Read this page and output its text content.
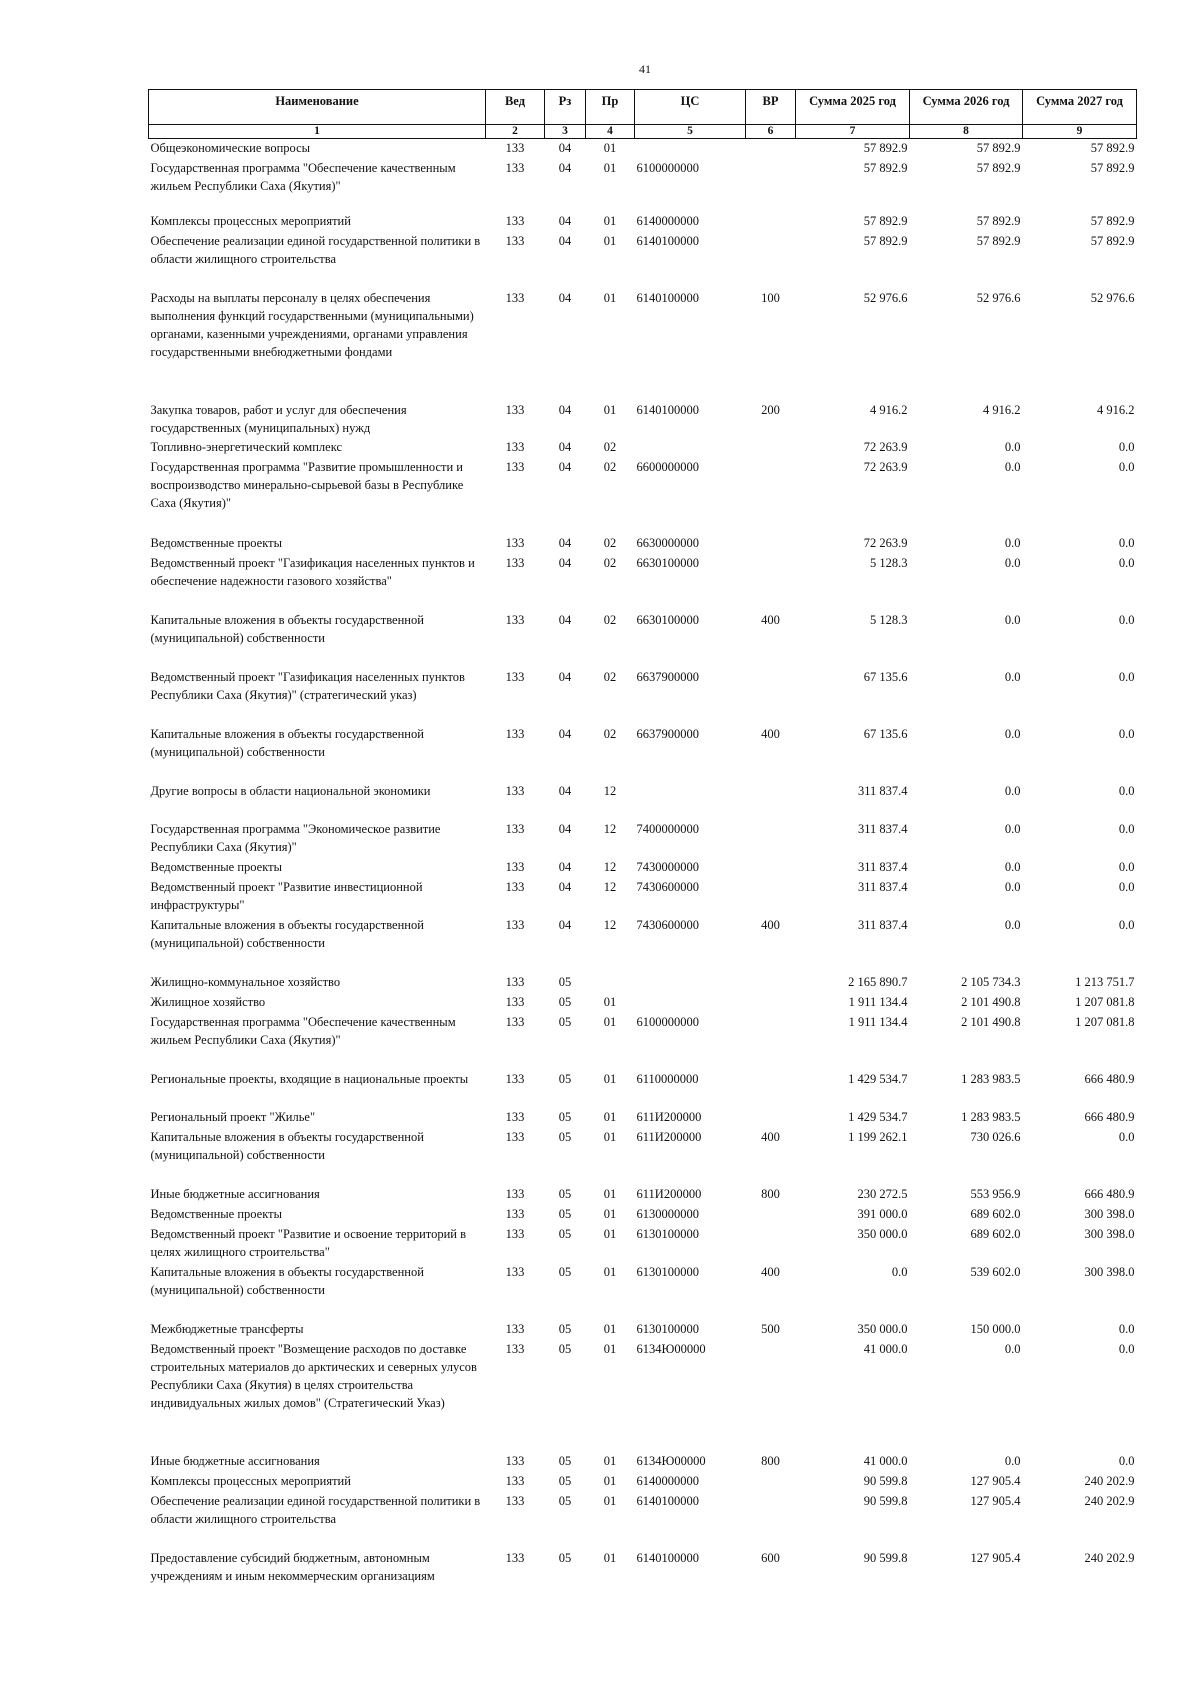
41
Наименование	Вед	Рз	Пр	ЦС	ВР	Сумма 2025 год	Сумма 2026 год	Сумма 2027 год
1	2	3	4	5	6	7	8	9
Общеэкономические вопросы	133	04	01			57 892.9	57 892.9	57 892.9
Государственная программа "Обеспечение качественным жильем Республики Саха (Якутия)"	133	04	01	6100000000		57 892.9	57 892.9	57 892.9
Комплексы процессных мероприятий	133	04	01	6140000000		57 892.9	57 892.9	57 892.9
Обеспечение реализации единой государственной политики в области жилищного строительства	133	04	01	6140100000		57 892.9	57 892.9	57 892.9
Расходы на выплаты персоналу в целях обеспечения выполнения функций государственными (муниципальными) органами, казенными учреждениями, органами управления государственными внебюджетными фондами	133	04	01	6140100000	100	52 976.6	52 976.6	52 976.6
Закупка товаров, работ и услуг для обеспечения государственных (муниципальных) нужд	133	04	01	6140100000	200	4 916.2	4 916.2	4 916.2
Топливно-энергетический комплекс	133	04	02			72 263.9	0.0	0.0
Государственная программа "Развитие промышленности и воспроизводство минерально-сырьевой базы в Республике Саха (Якутия)"	133	04	02	6600000000		72 263.9	0.0	0.0
Ведомственные проекты	133	04	02	6630000000		72 263.9	0.0	0.0
Ведомственный проект "Газификация населенных пунктов и обеспечение надежности газового хозяйства"	133	04	02	6630100000		5 128.3	0.0	0.0
Капитальные вложения в объекты государственной (муниципальной) собственности	133	04	02	6630100000	400	5 128.3	0.0	0.0
Ведомственный проект "Газификация населенных пунктов Республики Саха (Якутия)" (стратегический указ)	133	04	02	6637900000		67 135.6	0.0	0.0
Капитальные вложения в объекты государственной (муниципальной) собственности	133	04	02	6637900000	400	67 135.6	0.0	0.0
Другие вопросы в области национальной экономики	133	04	12			311 837.4	0.0	0.0
Государственная программа "Экономическое развитие Республики Саха (Якутия)"	133	04	12	7400000000		311 837.4	0.0	0.0
Ведомственные проекты	133	04	12	7430000000		311 837.4	0.0	0.0
Ведомственный проект "Развитие инвестиционной инфраструктуры"	133	04	12	7430600000		311 837.4	0.0	0.0
Капитальные вложения в объекты государственной (муниципальной) собственности	133	04	12	7430600000	400	311 837.4	0.0	0.0
Жилищно-коммунальное хозяйство	133	05				2 165 890.7	2 105 734.3	1 213 751.7
Жилищное хозяйство	133	05	01			1 911 134.4	2 101 490.8	1 207 081.8
Государственная программа "Обеспечение качественным жильем Республики Саха (Якутия)"	133	05	01	6100000000		1 911 134.4	2 101 490.8	1 207 081.8
Региональные проекты, входящие в национальные проекты	133	05	01	6110000000		1 429 534.7	1 283 983.5	666 480.9
Региональный проект "Жилье"	133	05	01	611И200000		1 429 534.7	1 283 983.5	666 480.9
Капитальные вложения в объекты государственной (муниципальной) собственности	133	05	01	611И200000	400	1 199 262.1	730 026.6	0.0
Иные бюджетные ассигнования	133	05	01	611И200000	800	230 272.5	553 956.9	666 480.9
Ведомственные проекты	133	05	01	6130000000		391 000.0	689 602.0	300 398.0
Ведомственный проект "Развитие и освоение территорий в целях жилищного строительства"	133	05	01	6130100000		350 000.0	689 602.0	300 398.0
Капитальные вложения в объекты государственной (муниципальной) собственности	133	05	01	6130100000	400	0.0	539 602.0	300 398.0
Межбюджетные трансферты	133	05	01	6130100000	500	350 000.0	150 000.0	0.0
Ведомственный проект "Возмещение расходов по доставке строительных материалов до арктических и северных улусов Республики Саха (Якутия) в целях строительства индивидуальных жилых домов" (Стратегический Указ)	133	05	01	6134Ю00000		41 000.0	0.0	0.0
Иные бюджетные ассигнования	133	05	01	6134Ю00000	800	41 000.0	0.0	0.0
Комплексы процессных мероприятий	133	05	01	6140000000		90 599.8	127 905.4	240 202.9
Обеспечение реализации единой государственной политики в области жилищного строительства	133	05	01	6140100000		90 599.8	127 905.4	240 202.9
Предоставление субсидий бюджетным, автономным учреждениям и иным некоммерческим организациям	133	05	01	6140100000	600	90 599.8	127 905.4	240 202.9
